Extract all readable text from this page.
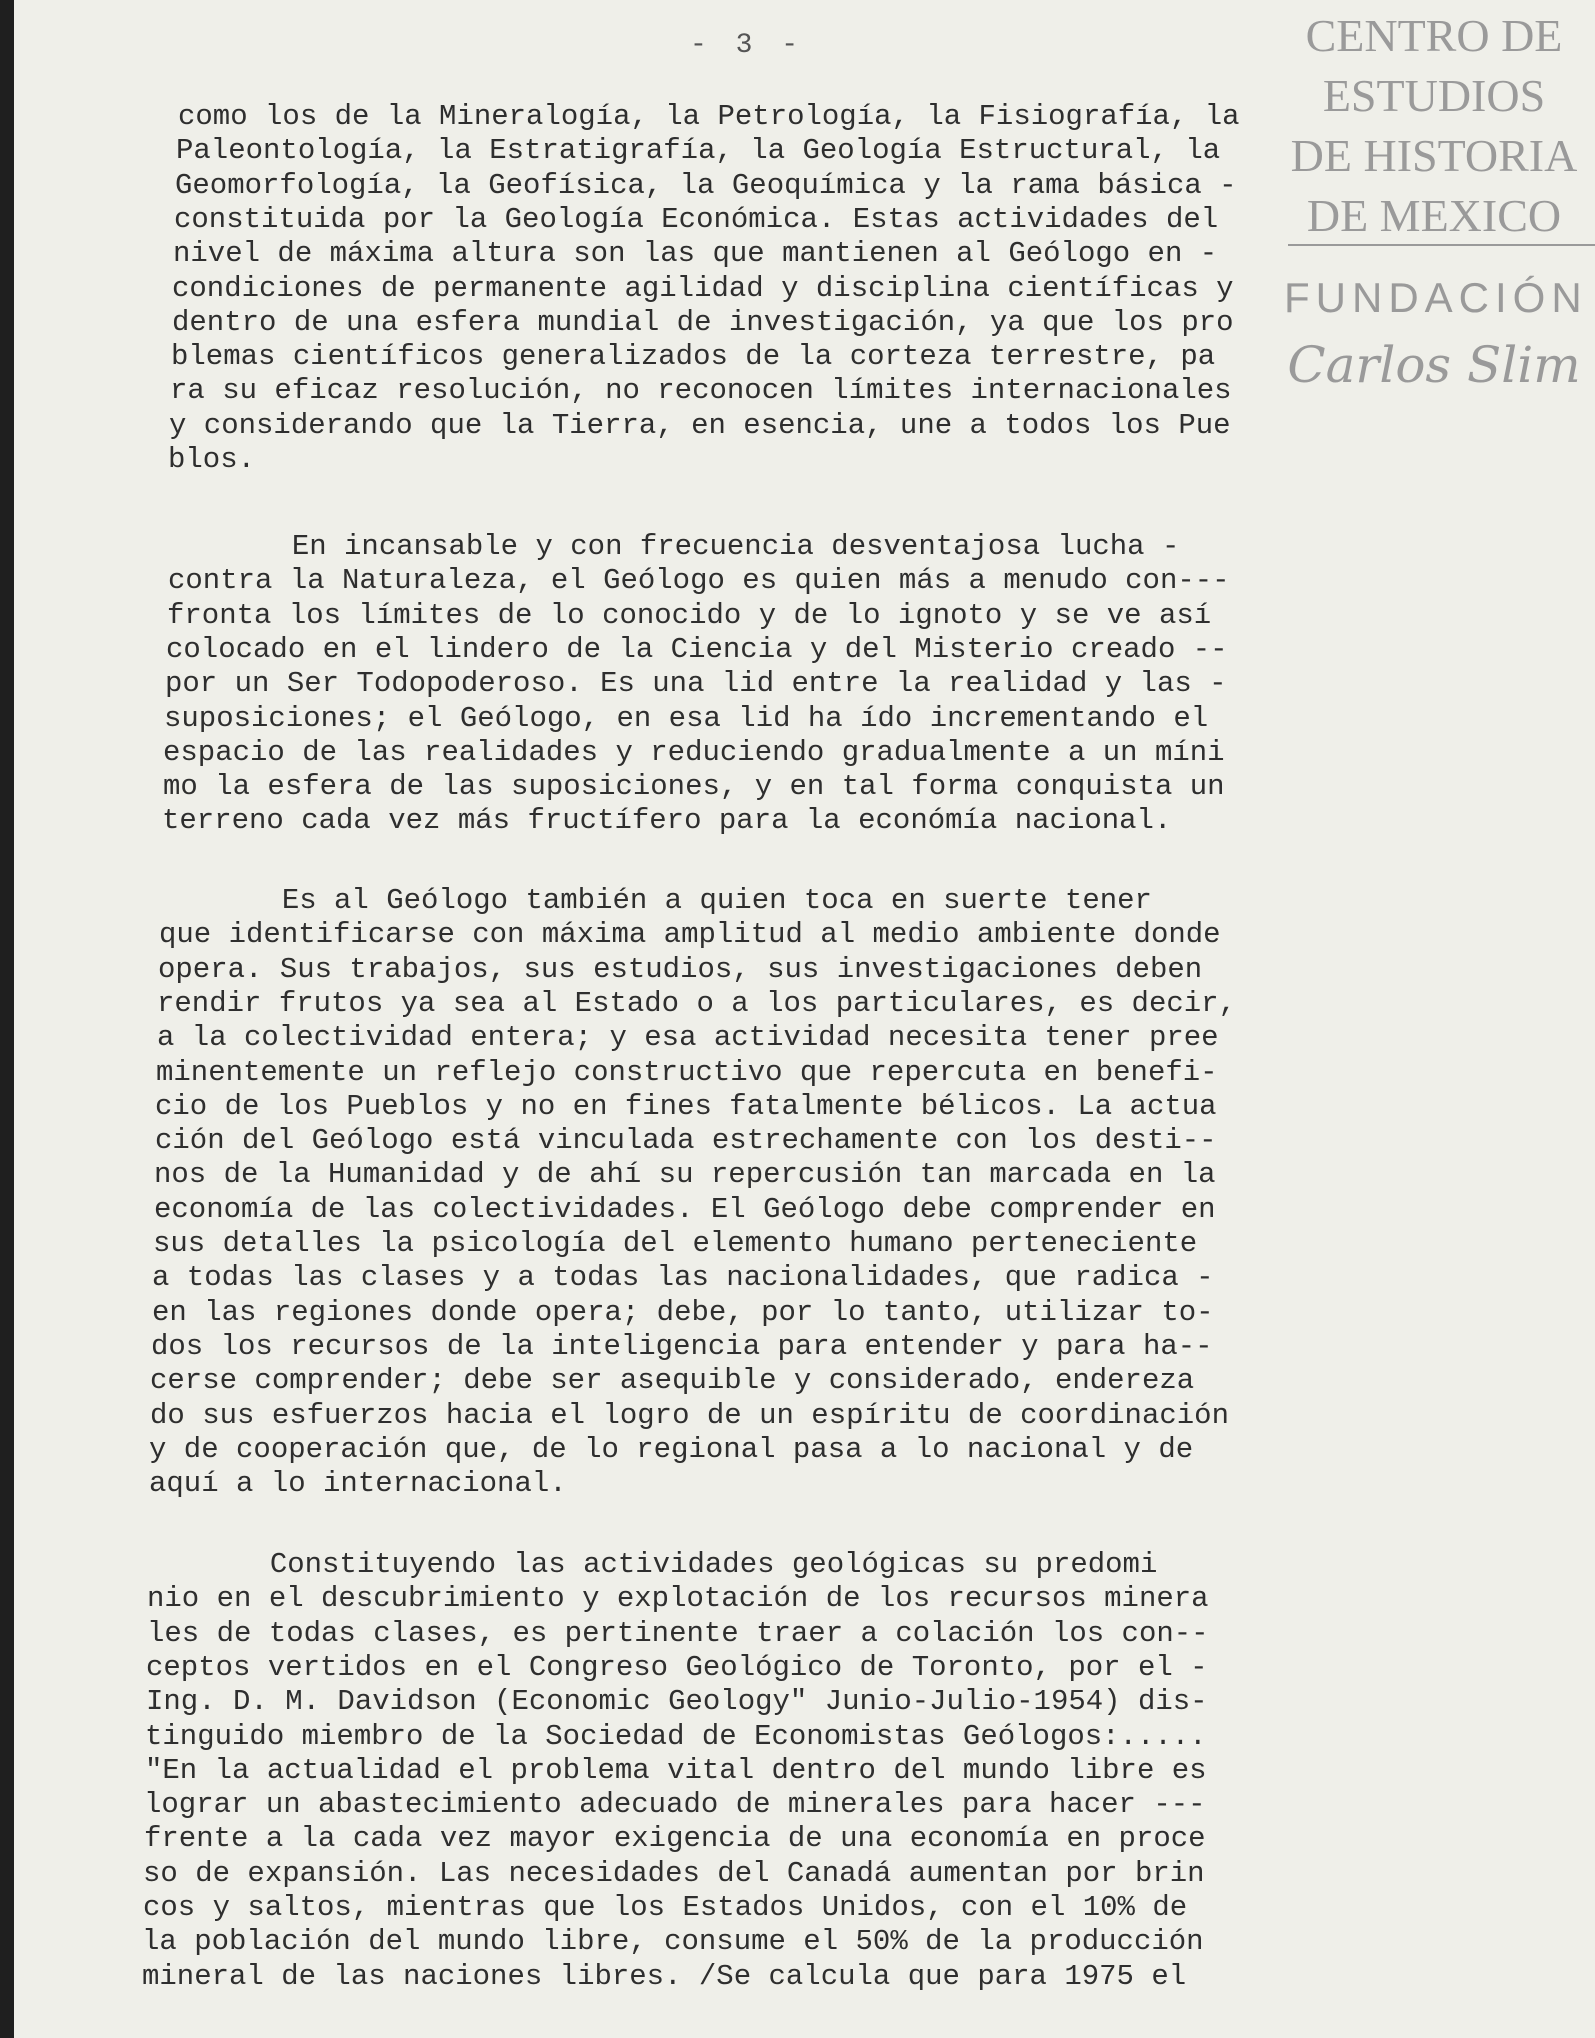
- 3 -	CENTRO DE
ESTUDIOS
DE HISTORIA
DE MEXICO
FUNDACIÓN
Carlos Slim
como los de la Mineralogía, la Petrología, la Fisiografía, la
Paleontología, la Estratigrafía, la Geología Estructural, la
Geomorfología, la Geofísica, la Geoquímica y la rama básica -
constituida por la Geología Económica. Estas actividades del
nivel de máxima altura son las que mantienen al Geólogo en -
condiciones de permanente agilidad y disciplina científicas y
dentro de una esfera mundial de investigación, ya que los pro
blemas científicos generalizados de la corteza terrestre, pa
ra su eficaz resolución, no reconocen límites internacionales
y considerando que la Tierra, en esencia, une a todos los Pue
blos.
En incansable y con frecuencia desventajosa lucha -
contra la Naturaleza, el Geólogo es quien más a menudo con---
fronta los límites de lo conocido y de lo ignoto y se ve así
colocado en el lindero de la Ciencia y del Misterio creado --
por un Ser Todopoderoso. Es una lid entre la realidad y las -
suposiciones; el Geólogo, en esa lid ha ído incrementando el
espacio de las realidades y reduciendo gradualmente a un míni
mo la esfera de las suposiciones, y en tal forma conquista un
terreno cada vez más fructífero para la económía nacional.
Es al Geólogo también a quien toca en suerte tener
que identificarse con máxima amplitud al medio ambiente donde
opera. Sus trabajos, sus estudios, sus investigaciones deben
rendir frutos ya sea al Estado o a los particulares, es decir,
a la colectividad entera; y esa actividad necesita tener pree
minentemente un reflejo constructivo que repercuta en benefi-
cio de los Pueblos y no en fines fatalmente bélicos. La actua
ción del Geólogo está vinculada estrechamente con los desti--
nos de la Humanidad y de ahí su repercusión tan marcada en la
economía de las colectividades. El Geólogo debe comprender en
sus detalles la psicología del elemento humano perteneciente
a todas las clases y a todas las nacionalidades, que radica -
en las regiones donde opera; debe, por lo tanto, utilizar to-
dos los recursos de la inteligencia para entender y para ha--
cerse comprender; debe ser asequible y considerado, endereza
do sus esfuerzos hacia el logro de un espíritu de coordinación
y de cooperación que, de lo regional pasa a lo nacional y de
aquí a lo internacional.
Constituyendo las actividades geológicas su predomi
nio en el descubrimiento y explotación de los recursos minera
les de todas clases, es pertinente traer a colación los con--
ceptos vertidos en el Congreso Geológico de Toronto, por el -
Ing. D. M. Davidson (Economic Geology" Junio-Julio-1954) dis-
tinguido miembro de la Sociedad de Economistas Geólogos:.....
"En la actualidad el problema vital dentro del mundo libre es
lograr un abastecimiento adecuado de minerales para hacer ---
frente a la cada vez mayor exigencia de una economía en proce
so de expansión. Las necesidades del Canadá aumentan por brin
cos y saltos, mientras que los Estados Unidos, con el 10% de
la población del mundo libre, consume el 50% de la producción
mineral de las naciones libres. /Se calcula que para 1975 el
